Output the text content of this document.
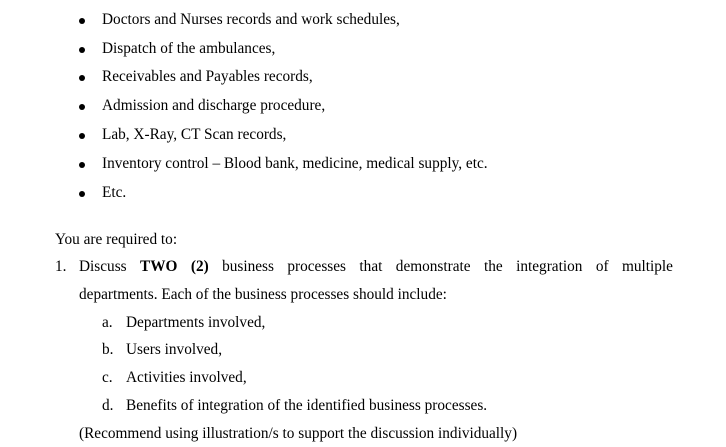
Doctors and Nurses records and work schedules,
Dispatch of the ambulances,
Receivables and Payables records,
Admission and discharge procedure,
Lab, X-Ray, CT Scan records,
Inventory control – Blood bank, medicine, medical supply, etc.
Etc.
You are required to:
1. Discuss TWO (2) business processes that demonstrate the integration of multiple
departments. Each of the business processes should include:
a. Departments involved,
b. Users involved,
c. Activities involved,
d. Benefits of integration of the identified business processes.
(Recommend using illustration/s to support the discussion individually)
